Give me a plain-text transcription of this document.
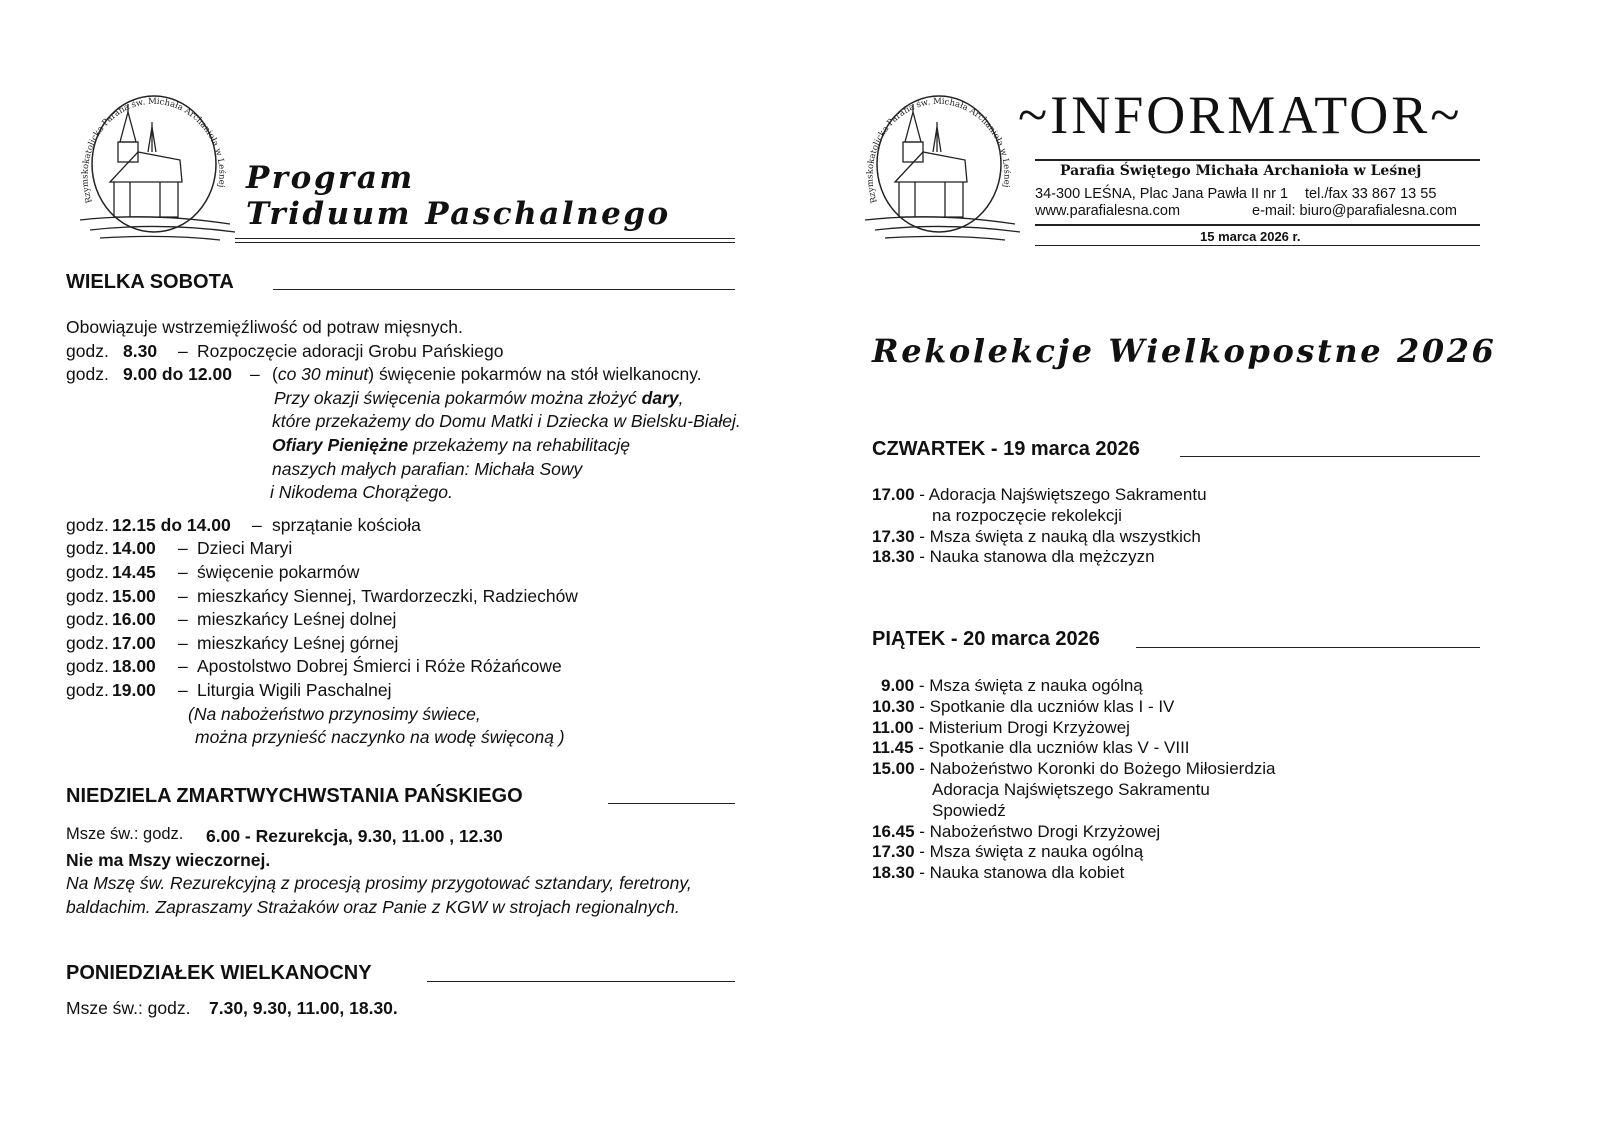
Rzymskokatolicka Parafia św. Michała Archanioła w Leśnej Program
Triduum Paschalnego
WIELKA SOBOTA
Obowiązuje wstrzemięźliwość od potraw mięsnych.
godz. 8.30 – Rozpoczęcie adoracji Grobu Pańskiego
godz. 9.00 do 12.00 – (co 30 minut) święcenie pokarmów na stół wielkanocny.
Przy okazji święcenia pokarmów można złożyć dary,
które przekażemy do Domu Matki i Dziecka w Bielsku-Białej.
Ofiary Pieniężne przekażemy na rehabilitację
naszych małych parafian: Michała Sowy
i Nikodema Chorążego.
godz. 12.15 do 14.00 – sprzątanie kościoła
godz. 14.00 – Dzieci Maryi
godz. 14.45 – święcenie pokarmów
godz. 15.00 – mieszkańcy Siennej, Twardorzeczki, Radziechów
godz. 16.00 – mieszkańcy Leśnej dolnej
godz. 17.00 – mieszkańcy Leśnej górnej
godz. 18.00 – Apostolstwo Dobrej Śmierci i Róże Różańcowe
godz. 19.00 – Liturgia Wigili Paschalnej
(Na nabożeństwo przynosimy świece,
można przynieść naczynko na wodę święconą )
NIEDZIELA ZMARTWYCHWSTANIA PAŃSKIEGO
Msze św.: godz. 6.00 - Rezurekcja, 9.30, 11.00 , 12.30
Nie ma Mszy wieczornej.
Na Mszę św. Rezurekcyjną z procesją prosimy przygotować sztandary, feretrony,
baldachim. Zapraszamy Strażaków oraz Panie z KGW w strojach regionalnych.
PONIEDZIAŁEK WIELKANOCNY
Msze św.: godz. 7.30, 9.30, 11.00, 18.30.
Rzymskokatolicka Parafia św. Michała Archanioła w Leśnej
~INFORMATOR~
Parafia Świętego Michała Archanioła w Leśnej
34-300 LEŚNA, Plac Jana Pawła II nr 1 tel./fax 33 867 13 55
www.parafialesna.com	e-mail: biuro@parafialesna.com
15 marca 2026 r.
Rekolekcje Wielkopostne 2026
CZWARTEK - 19 marca 2026
17.00 - Adoracja Najświętszego Sakramentu
na rozpoczęcie rekolekcji
17.30 - Msza święta z nauką dla wszystkich
18.30 - Nauka stanowa dla mężczyzn
PIĄTEK - 20 marca 2026
9.00 - Msza święta z nauka ogólną
10.30 - Spotkanie dla uczniów klas I - IV
11.00 - Misterium Drogi Krzyżowej
11.45 - Spotkanie dla uczniów klas V - VIII
15.00 - Nabożeństwo Koronki do Bożego Miłosierdzia
Adoracja Najświętszego Sakramentu
Spowiedź
16.45 - Nabożeństwo Drogi Krzyżowej
17.30 - Msza święta z nauka ogólną
18.30 - Nauka stanowa dla kobiet
